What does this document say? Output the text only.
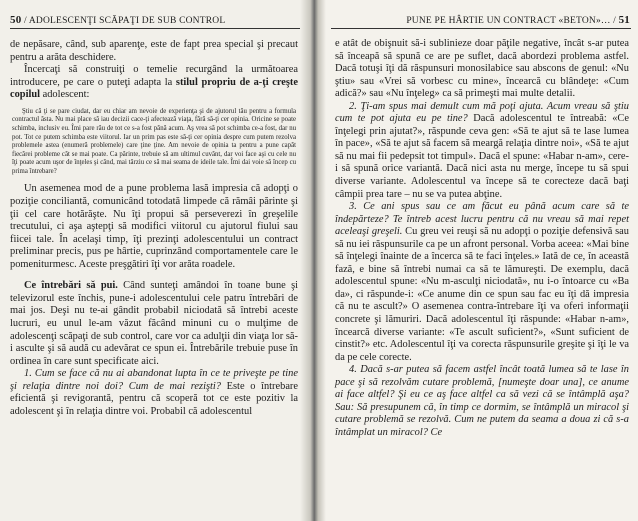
50 / ADOLESCENŢI SCĂPAŢI DE SUB CONTROL

de nepăsare, când, sub aparenţe, este de fapt prea special şi precaut pentru a arăta deschidere.

Încercaţi să construiţi o temelie recurgând la următoarea introducere, pe care o puteţi adapta la stilul propriu de a-ţi creşte copilul adolescent:

Ştiu că ţi se pare ciudat, dar eu chiar am nevoie de experienţa şi de ajutorul tău pentru a formula contractul ăsta. Nu mai place să iau decizii cace-ţi afectează viaţa, fără să-ţi cer opinia. Oricine se poate schimba, inclusiv eu. Îmi pare rău de tot ce s-a fost până acum. Aş vrea să pot schimba ce-a fost, dar nu pot. Tot ce putem schimba este viitorul. Iar un prim pas este să-ţi cer opinia despre cum putem rezolva problemele astea (enumeră problemele) care ţine ţine. Am nevoie de opinia ta pentru a pune capăt fiecărei probleme cât se mai poate. Ca părinte, trebuie să am ultimul cuvânt, dar voi face aşi cu cele nu îţi poate acum uşor de înţeles şi când, mai târziu ce să mai seama de ideile tale. Îmi dai voie să încep cu prima întrebare?

Un asemenea mod de a pune problema lasă impresia că adopţi o poziţie conciliantă, comunicând totodată limpede că rămâi părinte şi ţii cel care hotărăşte. Nu îţi propui să perseverezi în greşelile trecutului, ci aşa aştepţi să modifici viitorul cu ajutorul fiului sau fiicei tale. În acelaşi timp, îţi prezinţi adolescentului un contract preliminar precis, pus pe hârtie, cuprinzând comportamentele care le pomeniturmesc. Aceste preşgătiri îţi vor arăta roadele.

Ce întrebări să pui. Când sunteţi amândoi în toane bune şi televizorul este închis, pune-i adolescentului cele patru întrebări de mai jos. Deşi nu te-ai gândit probabil niciodată să întrebi aceste lucruri, eu unul le-am văzut făcând minuni cu o mulţime de adolescenţi scăpaţi de sub control, care vor ca adulţii din viaţa lor să-i asculte şi să audă cu adevărat ce spun ei. Întrebările trebuie puse în ordinea în care sunt specificate aici.

1. Cum se face că nu ai abandonat lupta în ce te priveşte pe tine şi relaţia dintre noi doi? Cum de mai rezişti? Este o întrebare eficientă şi revigorantă, pentru că scoperă tot ce este pozitiv la adolescent şi în relaţia dintre voi. Probabil că adolescentul

PUNE PE HÂRTIE UN CONTRACT «BETON»… / 51

e atât de obişnuit să-i sublinieze doar păţile negative, încât s-ar putea să înceapă să spună ce are pe suflet, dacă abordezi problema astfel. Dacă totuşi îţi dă răspunsuri monosilabice sau abscons de genul: «Nu ştiu» sau «Vrei să vorbesc cu mine», încearcă cu blândeţe: «Cum adică?» sau «Nu înţeleg» ca să primeşti mai multe detalii.

2. Ţi-am spus mai demult cum mă poţi ajuta. Acum vreau să ştiu cum te pot ajuta eu pe tine? Dacă adolescentul te întreabă: «Ce înţelegi prin ajutat?», răspunde ceva gen: «Să te ajut să te lase lumea în pace», «Să te ajut să facem să meargă relaţia dintre noi», «Să te ajut să nu mai fii pedepsit tot timpul». Dacă el spune: «Habar n-am», cere-i să spună orice variantă. Dacă nici asta nu merge, începe tu să spui diverse variante. Adolescentul va începe să te corecteze dacă baţi câmpii prea tare – nu se va putea abţine.

3. Ce ani spus sau ce am făcut eu până acum care să te îndepărteze? Te întreb acest lucru pentru că nu vreau să mai repet aceleaşi greşeli. Cu greu vei reuşi să nu adopţi o poziţie defensivă sau să nu iei răspunsurile ca pe un afront personal. Vorba aceea: «Mai bine să înţelegi înainte de a încerca să te faci înţeles.» Iată de ce, în această fază, e bine să întrebi numai ca să te lămureşti. De exemplu, dacă adolescentul spune: «Nu m-asculţi niciodată», nu i-o întoarce cu «Ba da», ci răspunde-i: «Ce anume din ce spun sau fac eu îţi dă impresia că nu te ascult?» O asemenea contra-întrebare îţi va oferi informaţii concrete şi lămuriri. Dacă adolescentul îţi răspunde: «Habar n-am», încearcă diverse variante: «Te ascult suficient?», «Sunt suficient de cinstit?» etc. Adolescentul îţi va corecta răspunsurile greşite şi îţi le va da pe cele corecte.

4. Dacă s-ar putea să facem astfel încât toată lumea să te lase în pace şi să rezolvăm cutare problemă, [numeşte doar una], ce anume ai face altfel? Şi eu ce aş face altfel ca să vezi că se întâmplă aşa? Sau: Să presupunem că, în timp ce dormim, se întâmplă un miracol şi cutare problemă se rezolvă. Cum ne putem da seama a doua zi că s-a întâmplat un miracol? Ce
